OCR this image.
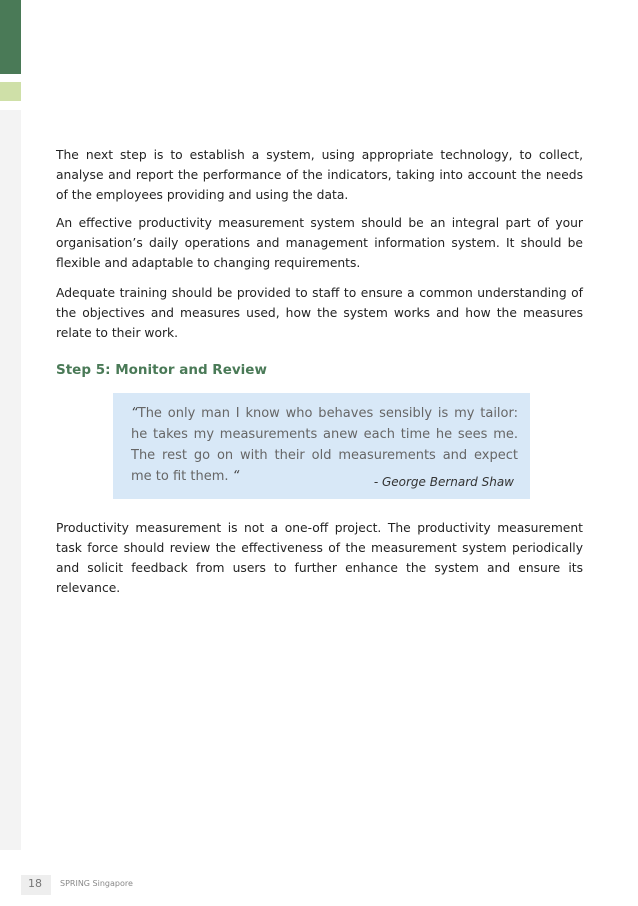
The next step is to establish a system, using appropriate technology, to collect, analyse and report the performance of the indicators, taking into account the needs of the employees providing and using the data.

An effective productivity measurement system should be an integral part of your organisation’s daily operations and management information system. It should be flexible and adaptable to changing requirements.

Adequate training should be provided to staff to ensure a common understanding of the objectives and measures used, how the system works and how the measures relate to their work.

Step 5: Monitor and Review

“The only man I know who behaves sensibly is my tailor: he takes my measurements anew each time he sees me. The rest go on with their old measurements and expect me to fit them. “	- George Bernard Shaw

Productivity measurement is not a one-off project. The productivity measurement task force should review the effectiveness of the measurement system periodically and solicit feedback from users to further enhance the system and ensure its relevance.

18 SPRING Singapore
